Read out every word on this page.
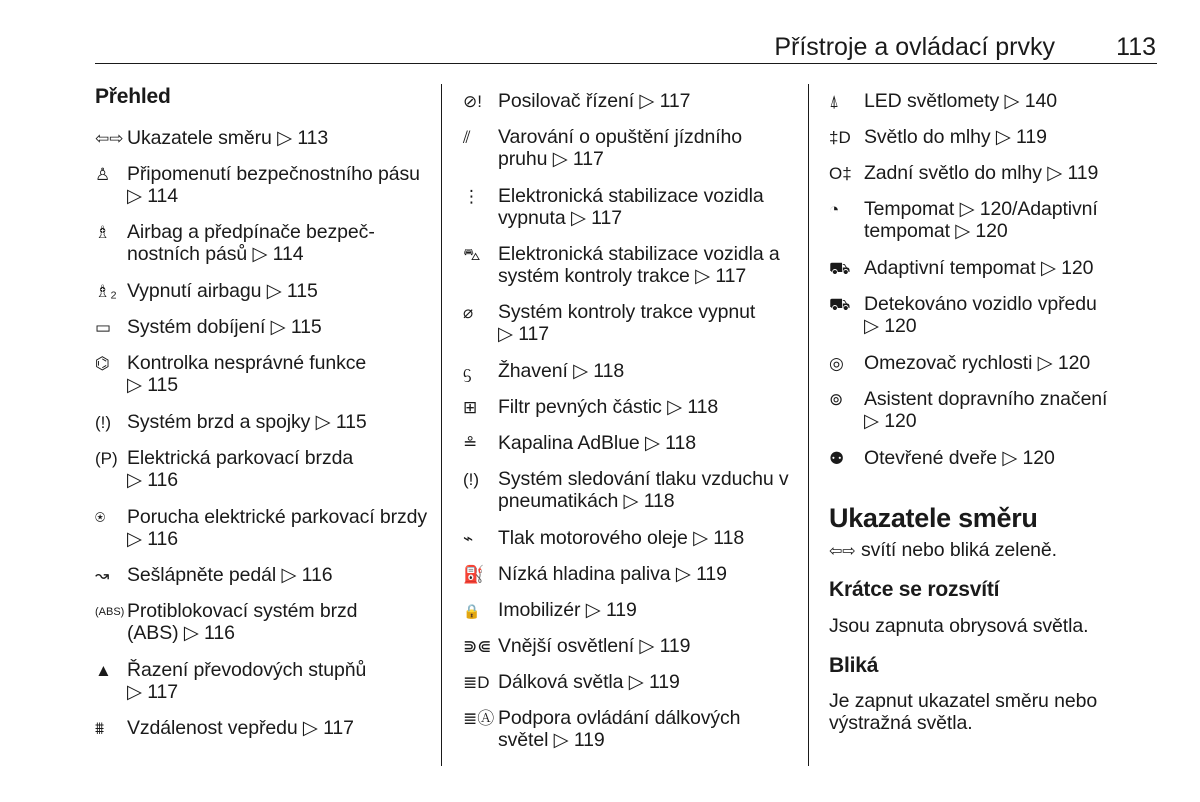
Přístroje a ovládací prvky 113
Přehled
⇦⇨ Ukazatele směru ▷ 113
♙ Připomenutí bezpečnostního pásu ▷ 114
♗ Airbag a předpínače bezpečnostních pásů ▷ 114
♗₂ Vypnutí airbagu ▷ 115
▭ Systém dobíjení ▷ 115
⌬ Kontrolka nesprávné funkce ▷ 115
(!) Systém brzd a spojky ▷ 115
(P) Elektrická parkovací brzda ▷ 116
⍟	Porucha elektrické parkovací brzdy ▷ 116
↝ Sešlápněte pedál ▷ 116
(ABS) Protiblokovací systém brzd (ABS) ▷ 116
▲ Řazení převodových stupňů ▷ 117
⩩	Vzdálenost vepředu ▷ 117
⊘! Posilovač řízení ▷ 117
⫽	Varování o opuštění jízdního pruhu ▷ 117
⋮ Elektronická stabilizace vozidla vypnuta ▷ 117
⛍ Elektronická stabilizace vozidla a systém kontroly trakce ▷ 117
⌀	Systém kontroly trakce vypnut ▷ 117
ᦓ	Žhavení ▷ 118
⊞	Filtr pevných částic ▷ 118
≗	Kapalina AdBlue ▷ 118
(!) Systém sledování tlaku vzduchu v pneumatikách ▷ 118
⌁	Tlak motorového oleje ▷ 118
⛽ Nízká hladina paliva ▷ 119
🔒 Imobilizér ▷ 119
⋑⋐ Vnější osvětlení ▷ 119
≣D Dálková světla ▷ 119
≣Ⓐ Podpora ovládání dálkových světel ▷ 119
⍋	LED světlomety ▷ 140
‡D Světlo do mlhy ▷ 119
O‡ Zadní světlo do mlhy ▷ 119
◔	Tempomat ▷ 120/Adaptivní tempomat ▷ 120
⛟ Adaptivní tempomat ▷ 120
⛟ Detekováno vozidlo vpředu ▷ 120
◎	Omezovač rychlosti ▷ 120
⊚	Asistent dopravního značení ▷ 120
⚉	Otevřené dveře ▷ 120
Ukazatele směru
⇦⇨ svítí nebo bliká zeleně.
Krátce se rozsvítí
Jsou zapnuta obrysová světla.
Bliká
Je zapnut ukazatel směru nebo výstražná světla.
